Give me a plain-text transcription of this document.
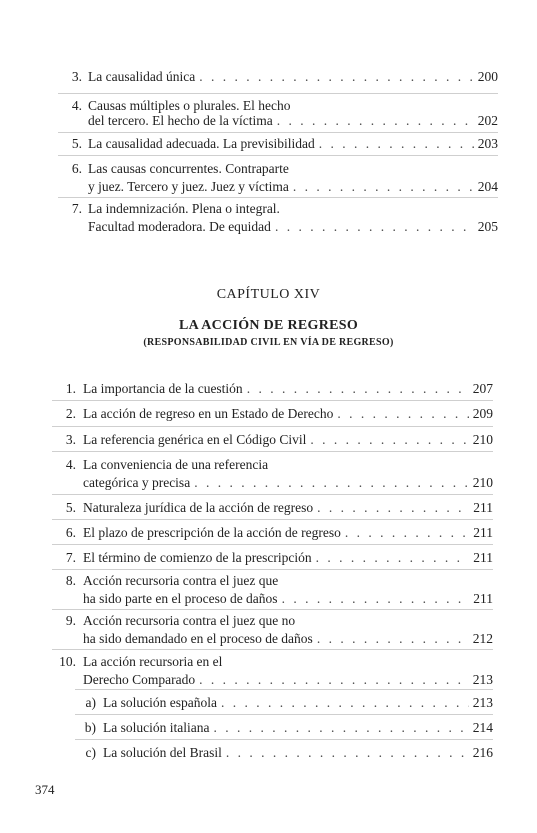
3. La causalidad única . . .	200
4. Causas múltiples o plurales. El hecho
del tercero. El hecho de la víctima . . .	202
5. La causalidad adecuada. La previsibilidad . . .	203
6. Las causas concurrentes. Contraparte
y juez. Tercero y juez. Juez y víctima . . .	204
7. La indemnización. Plena o integral.
Facultad moderadora. De equidad . . .	205
CAPÍTULO XIV
LA ACCIÓN DE REGRESO
(RESPONSABILIDAD CIVIL EN VÍA DE REGRESO)
1. La importancia de la cuestión . . .	207
2. La acción de regreso en un Estado de Derecho . . .	209
3. La referencia genérica en el Código Civil . . .	210
4. La conveniencia de una referencia
categórica y precisa . . .	210
5. Naturaleza jurídica de la acción de regreso . . .	211
6. El plazo de prescripción de la acción de regreso . . .	211
7. El término de comienzo de la prescripción . . .	211
8. Acción recursoria contra el juez que
ha sido parte en el proceso de daños . . .	211
9. Acción recursoria contra el juez que no
ha sido demandado en el proceso de daños . . .	212
10. La acción recursoria en el
Derecho Comparado . . .	213
a) La solución española . . .	213
b) La solución italiana . . .	214
c) La solución del Brasil . . .	216
374
